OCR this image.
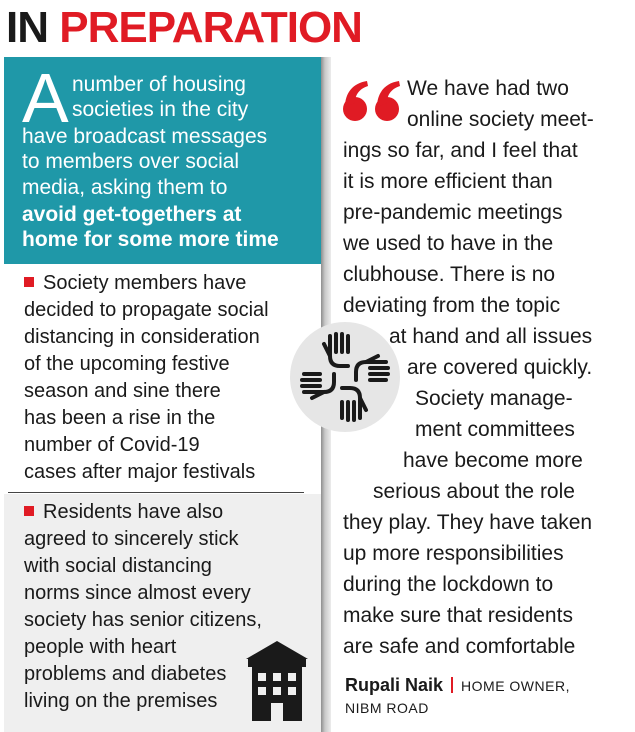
IN PREPARATION
A number of housing
societies in the city
have broadcast messages
to members over social
media, asking them to
avoid get-togethers at
home for some more time
Society members have
decided to propagate social
distancing in consideration
of the upcoming festive
season and sine there
has been a rise in the
number of Covid-19
cases after major festivals
Residents have also
agreed to sincerely stick
with social distancing
norms since almost every
society has senior citizens,
people with heart
problems and diabetes
living on the premises
We have had two
online society meet-
ings so far, and I feel that
it is more efficient than
pre-pandemic meetings
we used to have in the
clubhouse. There is no
deviating from the topic
at hand and all issues
are covered quickly.
Society manage-
ment committees
have become more
serious about the role
they play. They have taken
up more responsibilities
during the lockdown to
make sure that residents
are safe and comfortable
Rupali Naik HOME OWNER,
NIBM ROAD
